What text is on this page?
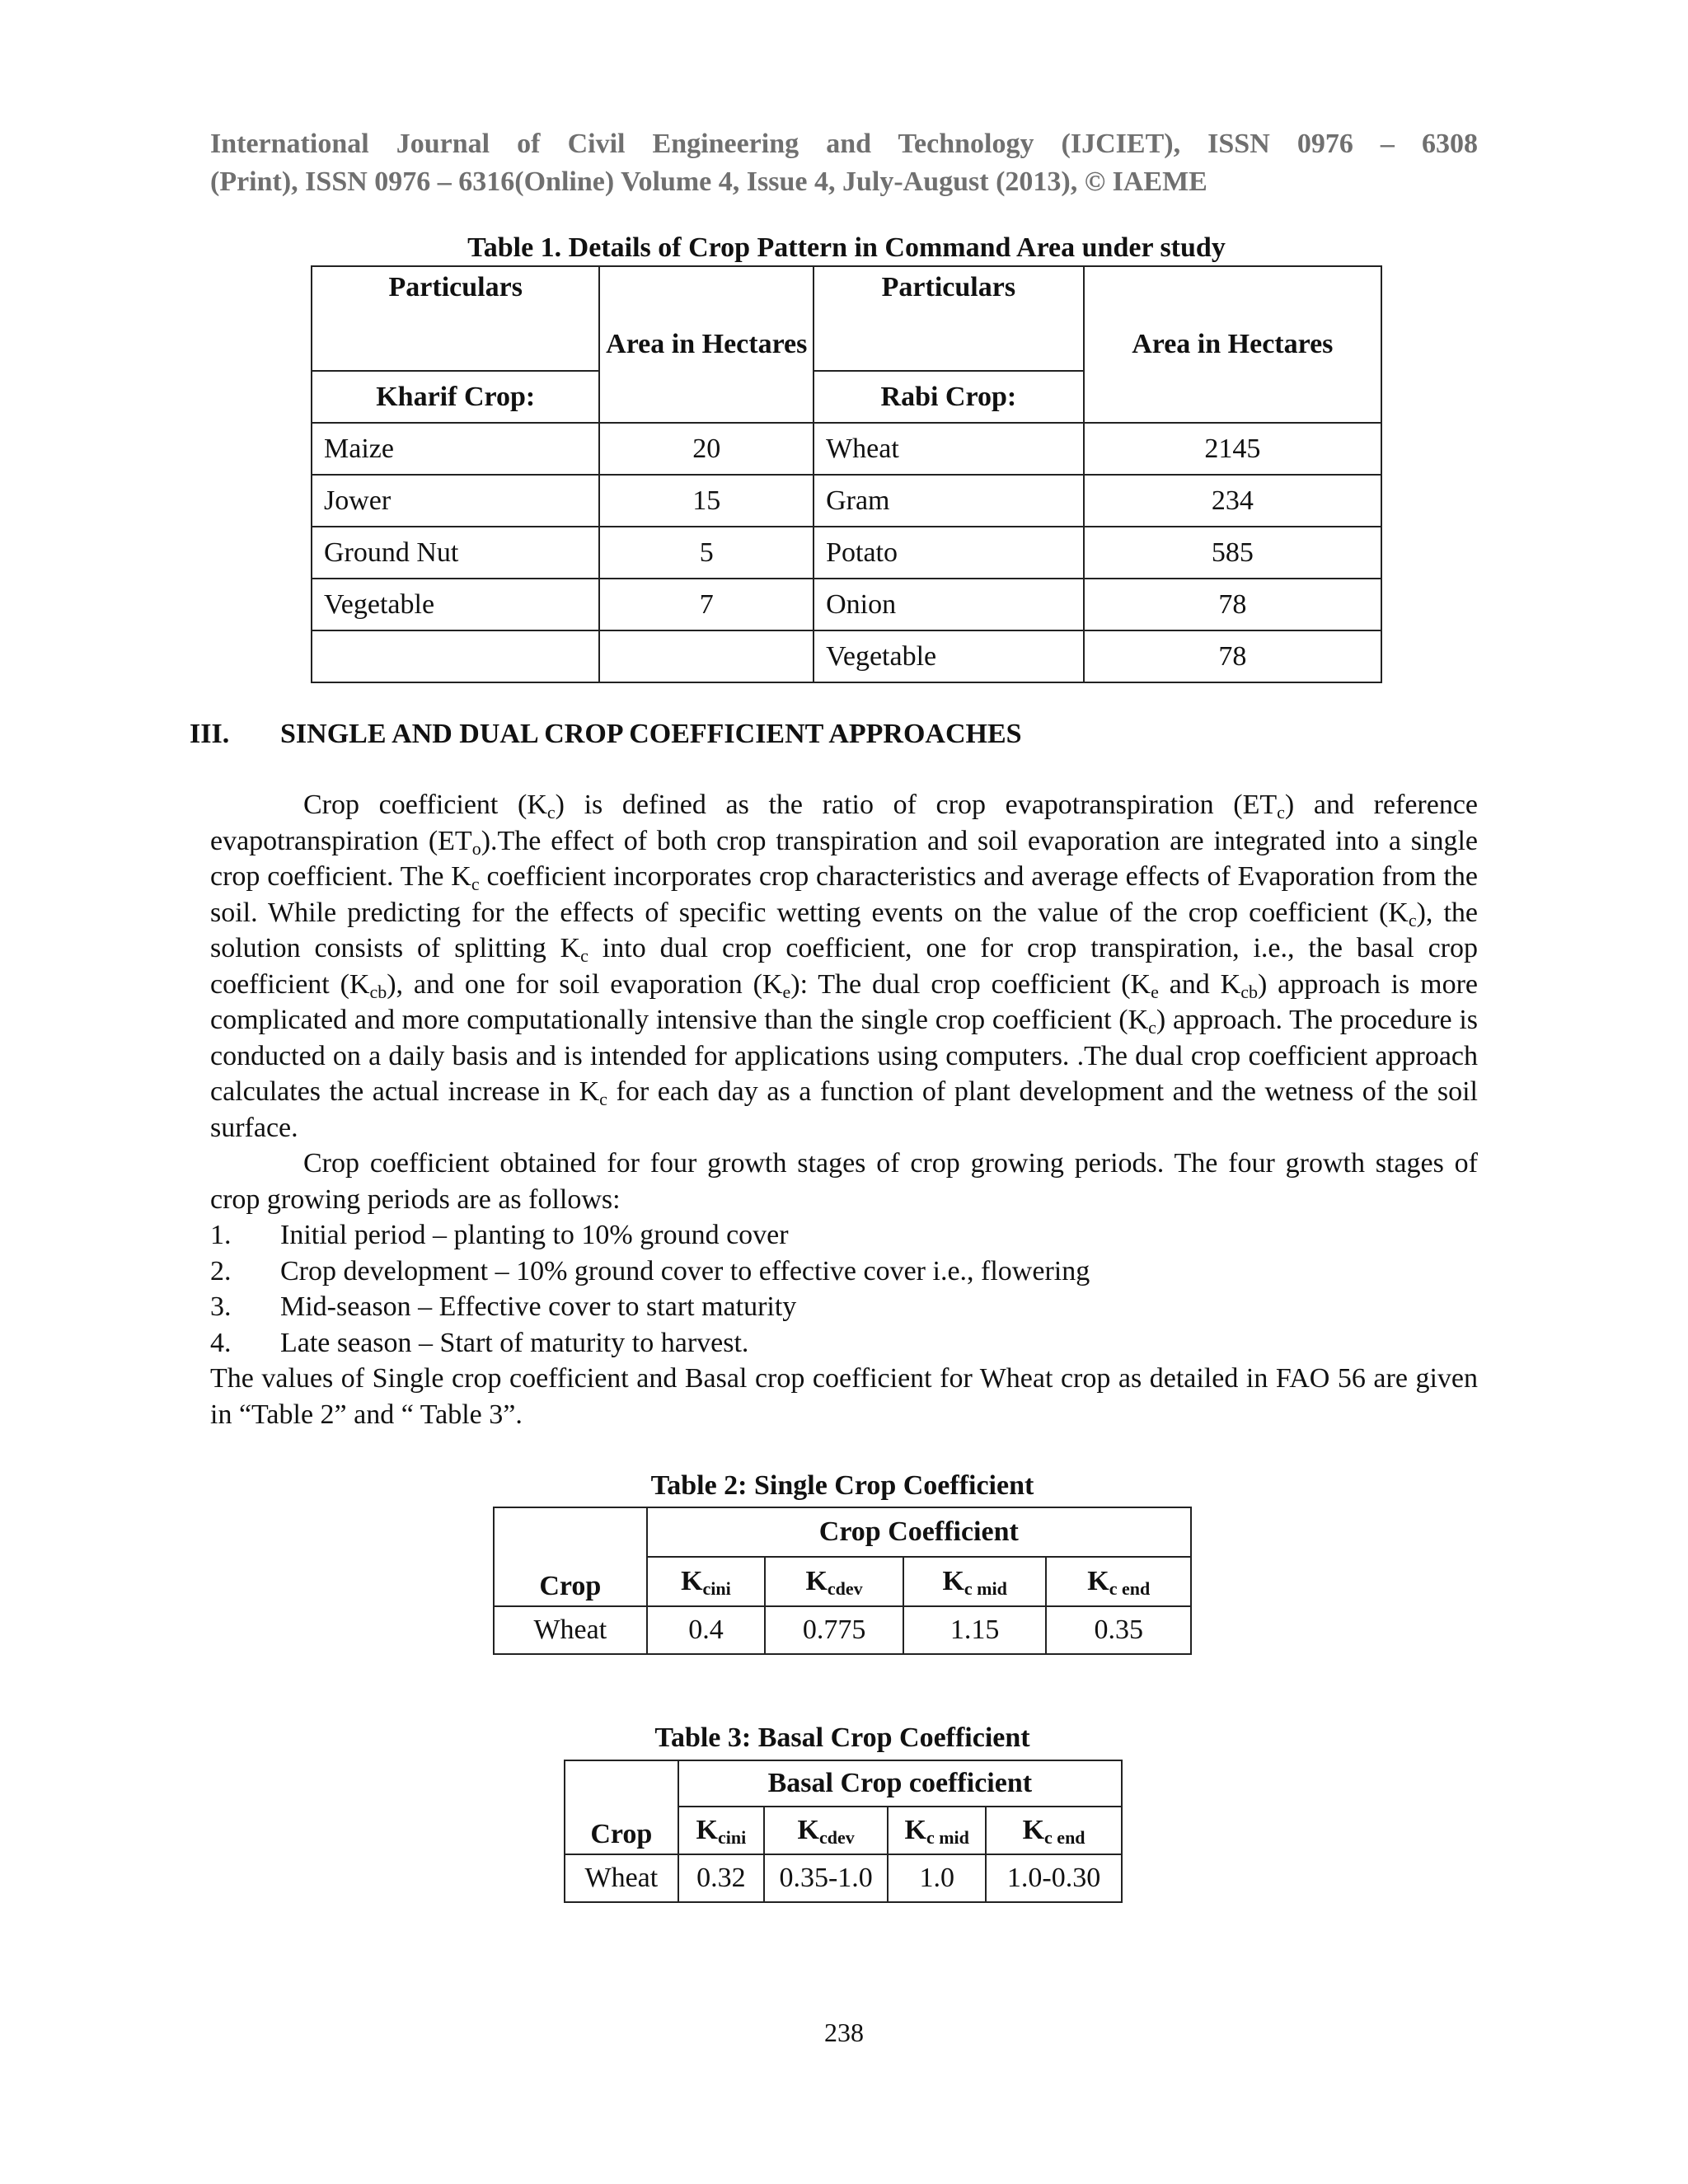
International Journal of Civil Engineering and Technology (IJCIET), ISSN 0976 – 6308
(Print), ISSN 0976 – 6316(Online) Volume 4, Issue 4, July-August (2013), © IAEME
Table 1. Details of Crop Pattern in Command Area under study
Particulars	Area in Hectares	Particulars	Area in Hectares
Kharif Crop:		Rabi Crop:	
Maize	20	Wheat	2145
Jower	15	Gram	234
Ground Nut	5	Potato	585
Vegetable	7	Onion	78
		Vegetable	78
III. SINGLE AND DUAL CROP COEFFICIENT APPROACHES

Crop coefficient $(K_c)$ is defined as the ratio of crop evapotranspiration $(ET_c)$ and reference evapotranspiration $(ET_o).The$ effect of both crop transpiration and soil evaporation are integrated into a single crop coefficient. The $K_c$ coefficient incorporates crop characteristics and average effects of Evaporation from the soil. While predicting for the effects of specific wetting events on the value of the crop coefficient $(K_c)$, the solution consists of splitting $K_c$ into dual crop coefficient, one for crop transpiration, i.e., the basal crop coefficient $(K_{cb})$, and one for soil evaporation $(K_e)$: The dual crop coefficient ($K_e$ and $K_{cb}$) approach is more complicated and more computationally intensive than the single crop coefficient $(K_c)$ approach. The procedure is conducted on a daily basis and is intended for applications using computers. .The dual crop coefficient approach calculates the actual increase in $K_c$ for each day as a function of plant development and the wetness of the soil surface.

Crop coefficient obtained for four growth stages of crop growing periods. The four growth stages of crop growing periods are as follows:

1.	Initial period – planting to 10% ground cover
2.	Crop development – 10% ground cover to effective cover i.e., flowering
3.	Mid-season – Effective cover to start maturity
4.	Late season – Start of maturity to harvest.

The values of Single crop coefficient and Basal crop coefficient for Wheat crop as detailed in FAO 56 are given in “Table 2” and “ Table 3”.

Table 2: Single Crop Coefficient
Crop	Crop Coefficient			
	$K_{cini}$	$K_{cdev}$	$K_{c mid}$	$K_{c end}$
Wheat	0.4	0.775	1.15	0.35
Table 3: Basal Crop Coefficient
Crop	Basal Crop coefficient			
	$K_{cini}$	$K_{cdev}$	$K_{c mid}$	$K_{c end}$
Wheat	0.32	0.35-1.0	1.0	1.0-0.30
238
